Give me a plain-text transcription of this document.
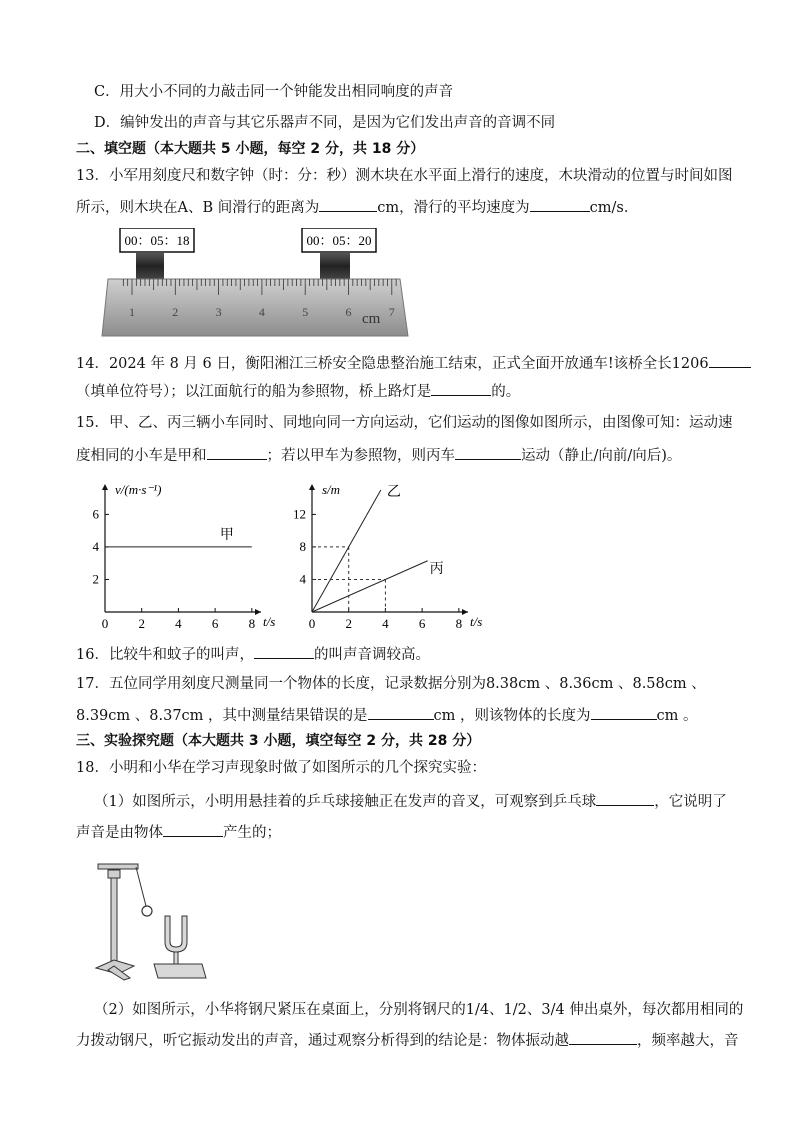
C．用大小不同的力敲击同一个钟能发出相同响度的声音
D．编钟发出的声音与其它乐器声不同，是因为它们发出声音的音调不同
二、填空题（本大题共 5 小题，每空 2 分，共 18 分）
13．小军用刻度尺和数字钟（时：分：秒）测木块在水平面上滑行的速度，木块滑动的位置与时间如图
所示，则木块在A、B 间滑行的距离为	cm，滑行的平均速度为	cm/s．
00：05：18	00：05：20
1	2	3	4	5	6	7
cm
14．2024 年 8 月 6 日，衡阳湘江三桥安全隐患整治施工结束，正式全面开放通车!该桥全长1206
（填单位符号）；以江面航行的船为参照物，桥上路灯是	的。
15．甲、乙、丙三辆小车同时、同地向同一方向运动，它们运动的图像如图所示，由图像可知：运动速
度相同的小车是甲和	；若以甲车为参照物，则丙车	运动（静止/向前/向后)。
v/(m·s⁻¹)
t/s
0 2 4 6 8
2
4
6
甲
s/m
t/s
0 2 4 6 8
4
8
12
乙
丙
16．比较牛和蚊子的叫声，	的叫声音调较高。
17．五位同学用刻度尺测量同一个物体的长度，记录数据分别为8.38cm 、8.36cm 、8.58cm 、
8.39cm 、8.37cm ，其中测量结果错误的是	cm ，则该物体的长度为	cm 。
三、实验探究题（本大题共 3 小题，填空每空 2 分，共 28 分）
18．小明和小华在学习声现象时做了如图所示的几个探究实验：
（1）如图所示，小明用悬挂着的乒乓球接触正在发声的音叉，可观察到乒乓球	，它说明了
声音是由物体	产生的；
（2）如图所示，小华将钢尺紧压在桌面上，分别将钢尺的1/4、1/2、3/4 伸出桌外，每次都用相同的
力拨动钢尺，听它振动发出的声音，通过观察分析得到的结论是：物体振动越	，频率越大，音
